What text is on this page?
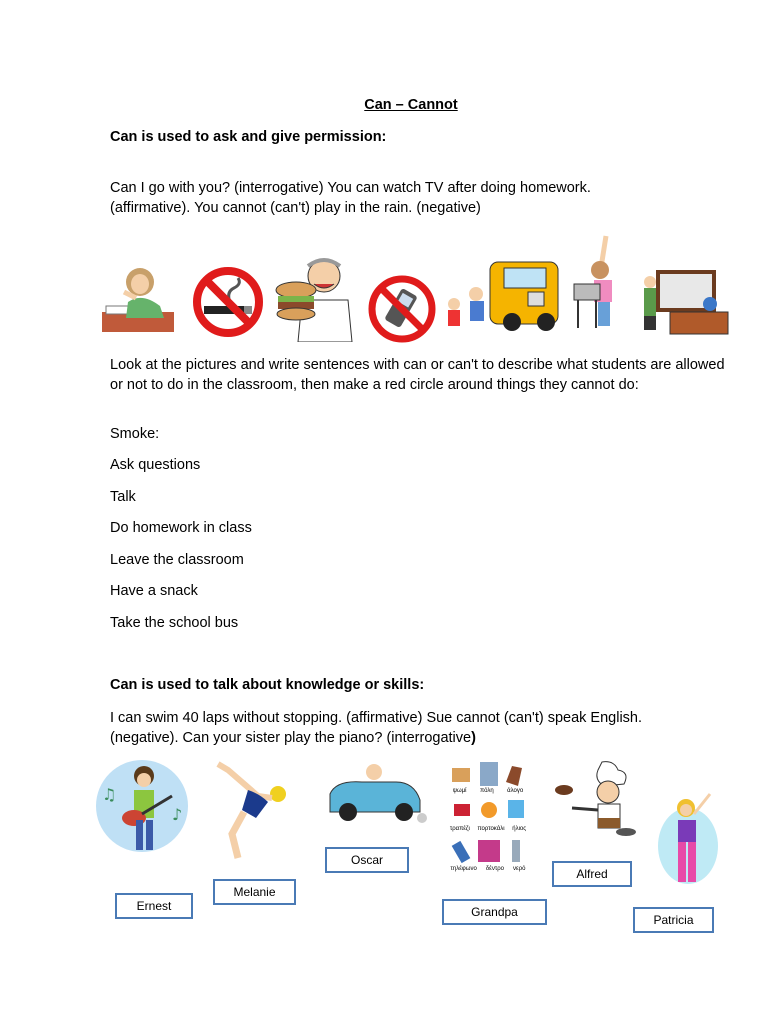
Can – Cannot
Can is used to ask and give permission:
Can I go with you? (interrogative) You can watch TV after doing homework.
(affirmative). You cannot (can't) play in the rain. (negative)
Look at the pictures and write sentences with can or can't to describe what students are allowed or not to do in the classroom, then make a red circle around things they cannot do:
Smoke:
Ask questions
Talk
Do homework in class
Leave the classroom
Have a snack
Take the school bus
Can is used to talk about knowledge or skills:
I can swim 40 laps without stopping. (affirmative) Sue cannot (can't) speak English.
(negative). Can your sister play the piano? (interrogative)
♫
♪
ψωμί πόλη άλογο
τραπέζι πορτοκάλι ήλιος
τηλέφωνο δέντρο νερό
Ernest
Melanie
Oscar
Grandpa
Alfred
Patricia
